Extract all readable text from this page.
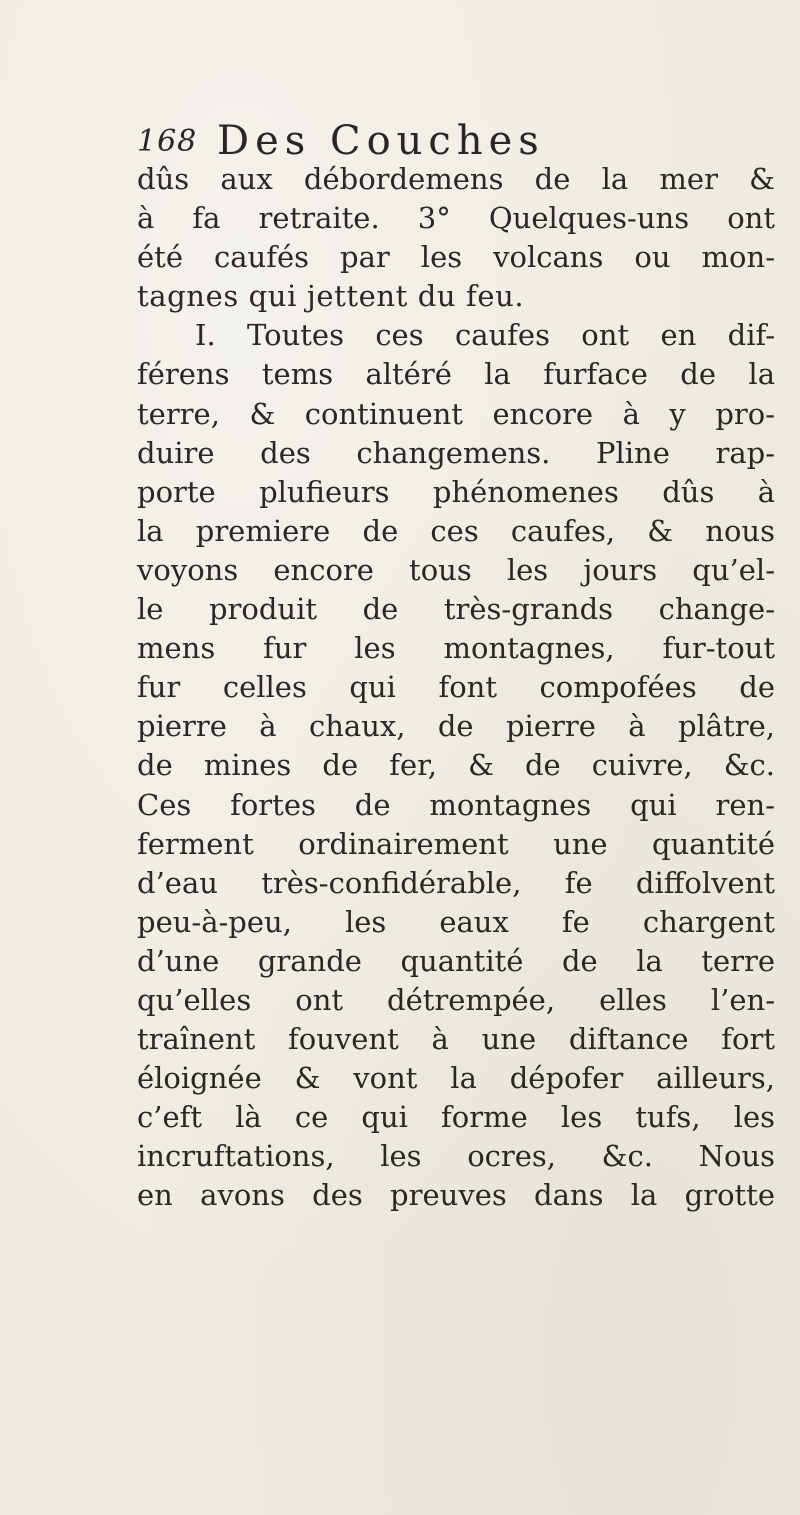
168 Des Couches
dûs aux débordemens de la mer &
à fa retraite. 3° Quelques-uns ont
été caufés par les volcans ou mon-
tagnes qui jettent du feu.
I. Toutes ces caufes ont en dif-
férens tems altéré la furface de la
terre, & continuent encore à y pro-
duire des changemens. Pline rap-
porte plufieurs phénomenes dûs à
la premiere de ces caufes, & nous
voyons encore tous les jours qu’el-
le produit de très-grands change-
mens fur les montagnes, fur-tout
fur celles qui font compofées de
pierre à chaux, de pierre à plâtre,
de mines de fer, & de cuivre, &c.
Ces fortes de montagnes qui ren-
ferment ordinairement une quantité
d’eau très-confidérable, fe diffolvent
peu-à-peu, les eaux fe chargent
d’une grande quantité de la terre
qu’elles ont détrempée, elles l’en-
traînent fouvent à une diftance fort
éloignée & vont la dépofer ailleurs,
c’eft là ce qui forme les tufs, les
incruftations, les ocres, &c. Nous
en avons des preuves dans la grotte
